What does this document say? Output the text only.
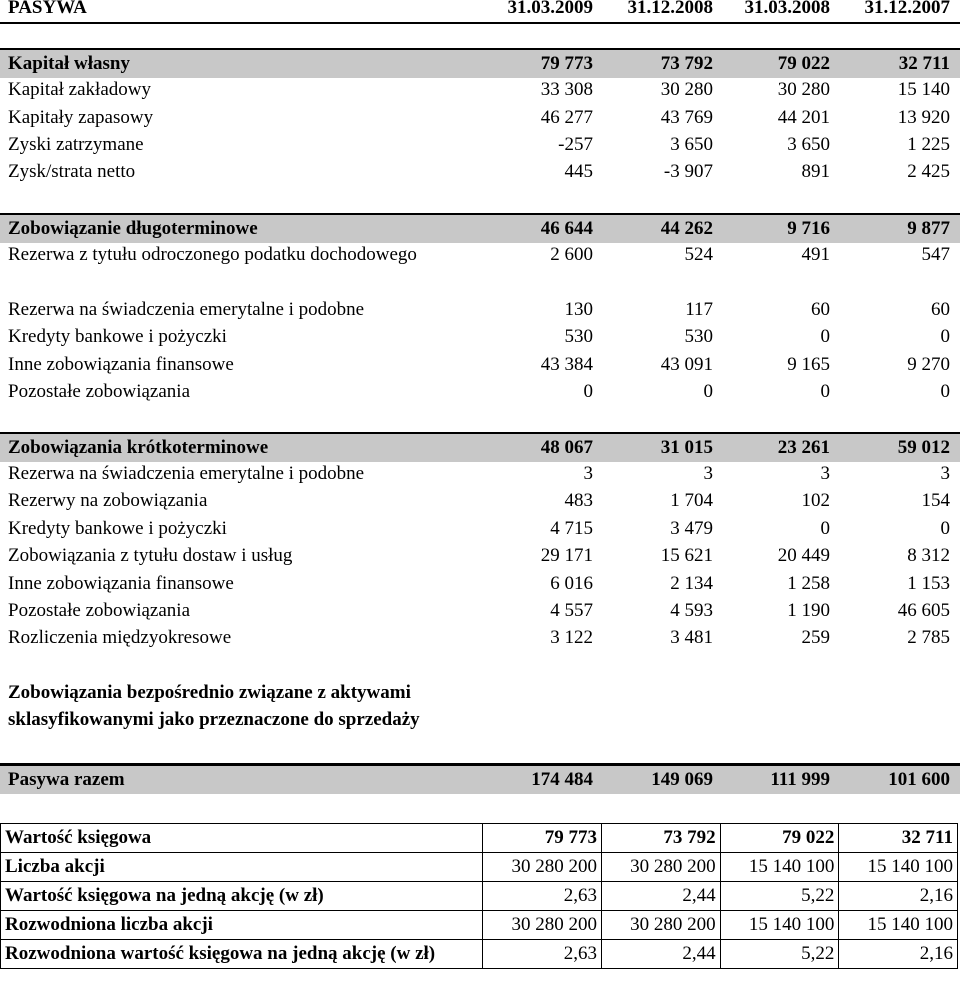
PASYWA	31.03.2009	31.12.2008	31.03.2008	31.12.2007
Kapitał własny	79 773	73 792	79 022	32 711
Kapitał zakładowy	33 308	30 280	30 280	15 140
Kapitały zapasowy	46 277	43 769	44 201	13 920
Zyski zatrzymane	-257	3 650	3 650	1 225
Zysk/strata netto	445	-3 907	891	2 425
Zobowiązanie długoterminowe	46 644	44 262	9 716	9 877
Rezerwa z tytułu odroczonego podatku dochodowego	2 600	524	491	547
Rezerwa na świadczenia emerytalne i podobne	130	117	60	60
Kredyty bankowe i pożyczki	530	530	0	0
Inne zobowiązania finansowe	43 384	43 091	9 165	9 270
Pozostałe zobowiązania	0	0	0	0
Zobowiązania krótkoterminowe	48 067	31 015	23 261	59 012
Rezerwa na świadczenia emerytalne i podobne	3	3	3	3
Rezerwy na zobowiązania	483	1 704	102	154
Kredyty bankowe i pożyczki	4 715	3 479	0	0
Zobowiązania z tytułu dostaw i usług	29 171	15 621	20 449	8 312
Inne zobowiązania finansowe	6 016	2 134	1 258	1 153
Pozostałe zobowiązania	4 557	4 593	1 190	46 605
Rozliczenia międzyokresowe	3 122	3 481	259	2 785
Zobowiązania bezpośrednio związane z aktywami
sklasyfikowanymi jako przeznaczone do sprzedaży
Pasywa razem	174 484	149 069	111 999	101 600
Wartość księgowa	79 773	73 792	79 022	32 711
Liczba akcji	30 280 200	30 280 200	15 140 100	15 140 100
Wartość księgowa na jedną akcję (w zł)	2,63	2,44	5,22	2,16
Rozwodniona liczba akcji	30 280 200	30 280 200	15 140 100	15 140 100
Rozwodniona wartość księgowa na jedną akcję (w zł)	2,63	2,44	5,22	2,16
